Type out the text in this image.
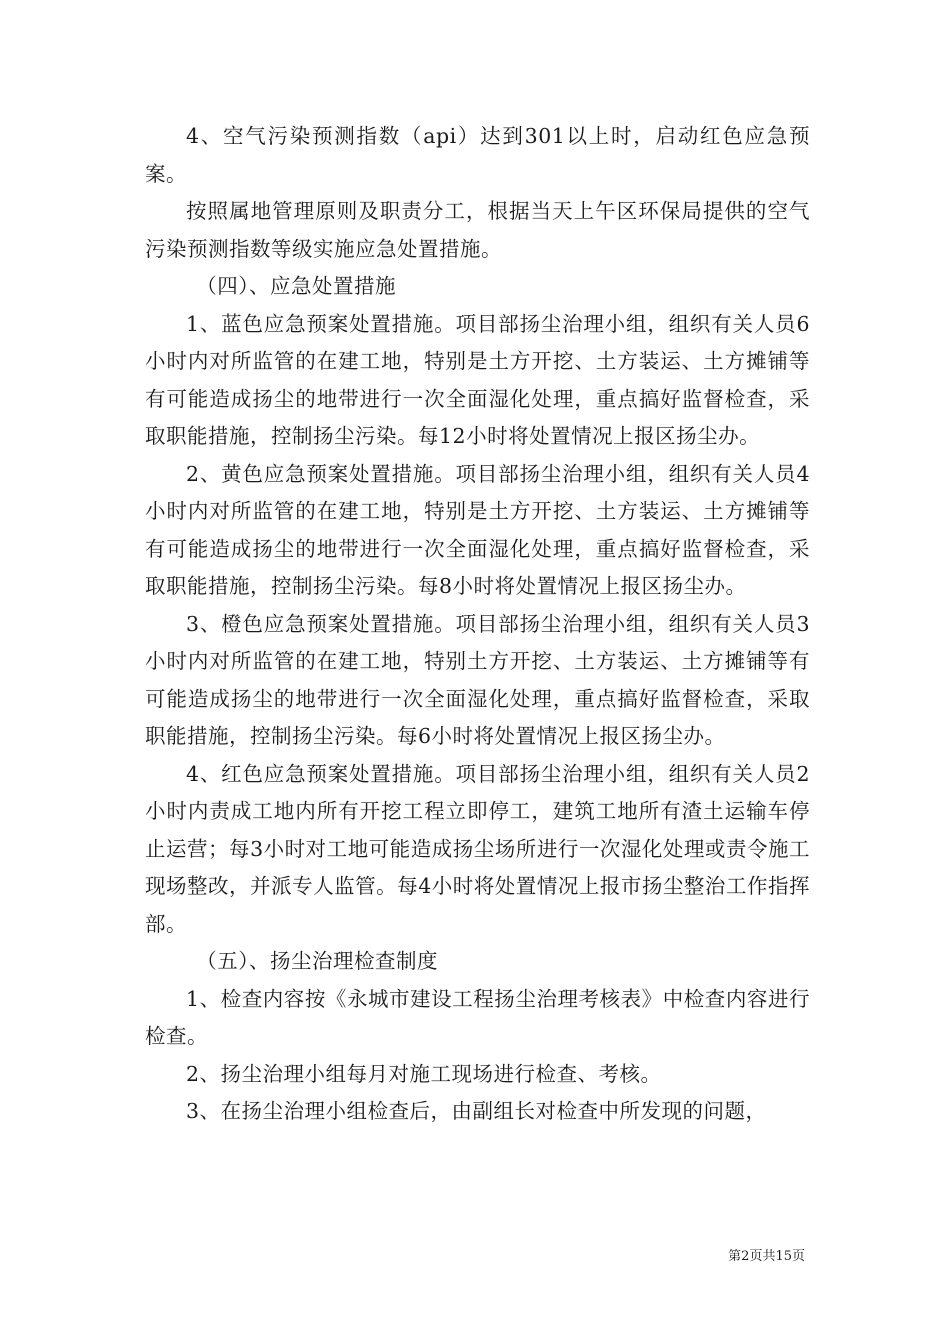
4、空气污染预测指数（api）达到301以上时，启动红色应急预案。

按照属地管理原则及职责分工，根据当天上午区环保局提供的空气污染预测指数等级实施应急处置措施。

（四）、应急处置措施

1、蓝色应急预案处置措施。项目部扬尘治理小组，组织有关人员6小时内对所监管的在建工地，特别是土方开挖、土方装运、土方摊铺等有可能造成扬尘的地带进行一次全面湿化处理，重点搞好监督检查，采取职能措施，控制扬尘污染。每12小时将处置情况上报区扬尘办。

2、黄色应急预案处置措施。项目部扬尘治理小组，组织有关人员4小时内对所监管的在建工地，特别是土方开挖、土方装运、土方摊铺等有可能造成扬尘的地带进行一次全面湿化处理，重点搞好监督检查，采取职能措施，控制扬尘污染。每8小时将处置情况上报区扬尘办。

3、橙色应急预案处置措施。项目部扬尘治理小组，组织有关人员3小时内对所监管的在建工地，特别土方开挖、土方装运、土方摊铺等有可能造成扬尘的地带进行一次全面湿化处理，重点搞好监督检查，采取职能措施，控制扬尘污染。每6小时将处置情况上报区扬尘办。

4、红色应急预案处置措施。项目部扬尘治理小组，组织有关人员2小时内责成工地内所有开挖工程立即停工，建筑工地所有渣土运输车停止运营；每3小时对工地可能造成扬尘场所进行一次湿化处理或责令施工现场整改，并派专人监管。每4小时将处置情况上报市扬尘整治工作指挥部。

（五）、扬尘治理检查制度

1、检查内容按《永城市建设工程扬尘治理考核表》中检查内容进行检查。

2、扬尘治理小组每月对施工现场进行检查、考核。

3、在扬尘治理小组检查后，由副组长对检查中所发现的问题，

第2页共15页
